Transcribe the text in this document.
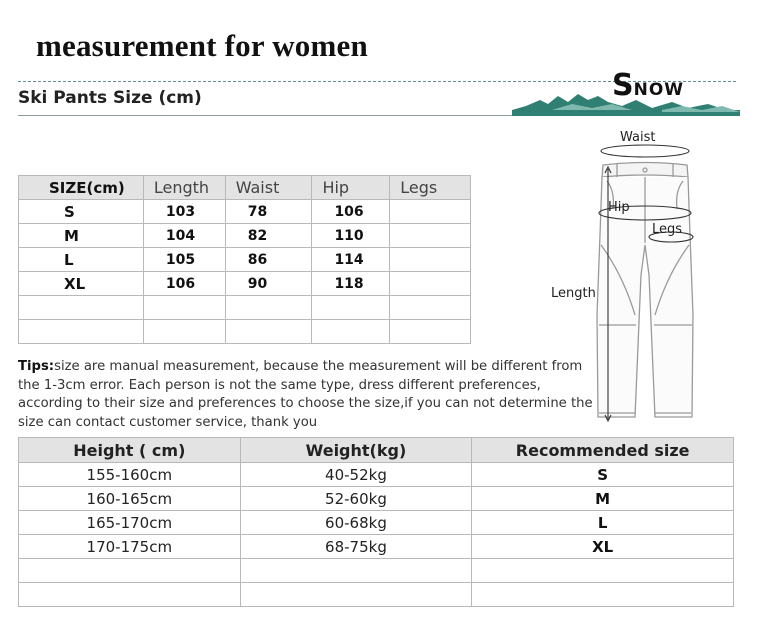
measurement for women
Ski Pants Size (cm)	SNOW
SIZE(cm)	Length	Waist	Hip	Legs
S	103	78	106	
M	104	82	110	
L	105	86	114	
XL	106	90	118	

Waist
Hip
Legs
Length
Tips:size are manual measurement, because the measurement will be different from the 1-3cm error. Each person is not the same type, dress different preferences, according to their size and preferences to choose the size,if you can not determine the size can contact customer service, thank you
Height ( cm)	Weight(kg)	Recommended size
155-160cm	40-52kg	S
160-165cm	52-60kg	M
165-170cm	60-68kg	L
170-175cm	68-75kg	XL
